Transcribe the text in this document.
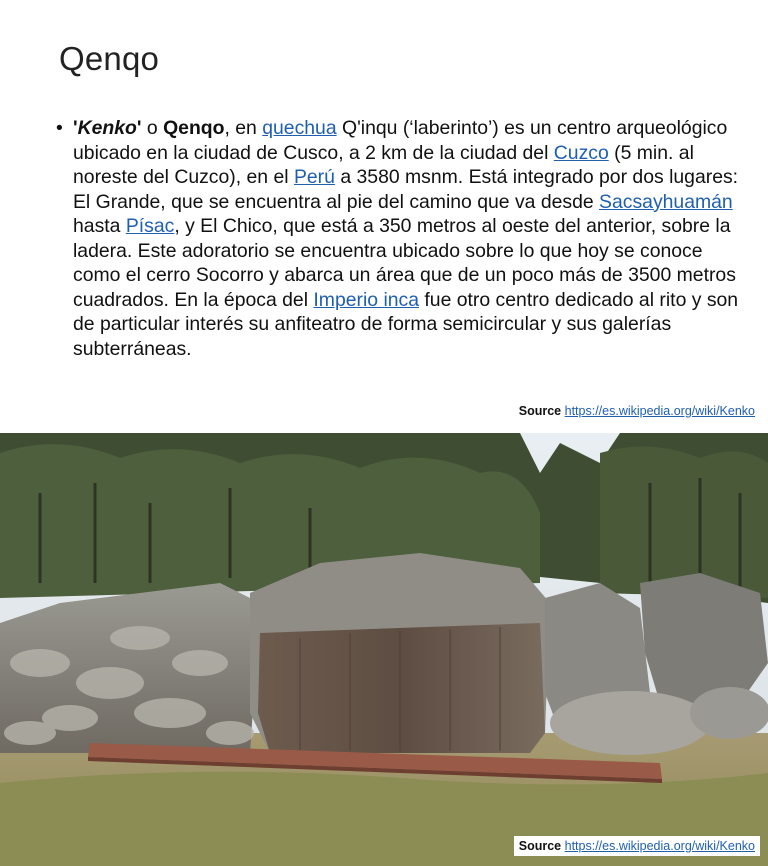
Qenqo
• 'Kenko' o Qenqo, en quechua Q'inqu (‘laberinto’) es un centro arqueológico ubicado en la ciudad de Cusco, a 2 km de la ciudad del Cuzco (5 min. al noreste del Cuzco), en el Perú a 3580 msnm. Está integrado por dos lugares: El Grande, que se encuentra al pie del camino que va desde Sacsayhuamán hasta Písac, y El Chico, que está a 350 metros al oeste del anterior, sobre la ladera. Este adoratorio se encuentra ubicado sobre lo que hoy se conoce como el cerro Socorro y abarca un área que de un poco más de 3500 metros cuadrados. En la época del Imperio inca fue otro centro dedicado al rito y son de particular interés su anfiteatro de forma semicircular y sus galerías subterráneas.
Source https://es.wikipedia.org/wiki/Kenko
Source https://es.wikipedia.org/wiki/Kenko
